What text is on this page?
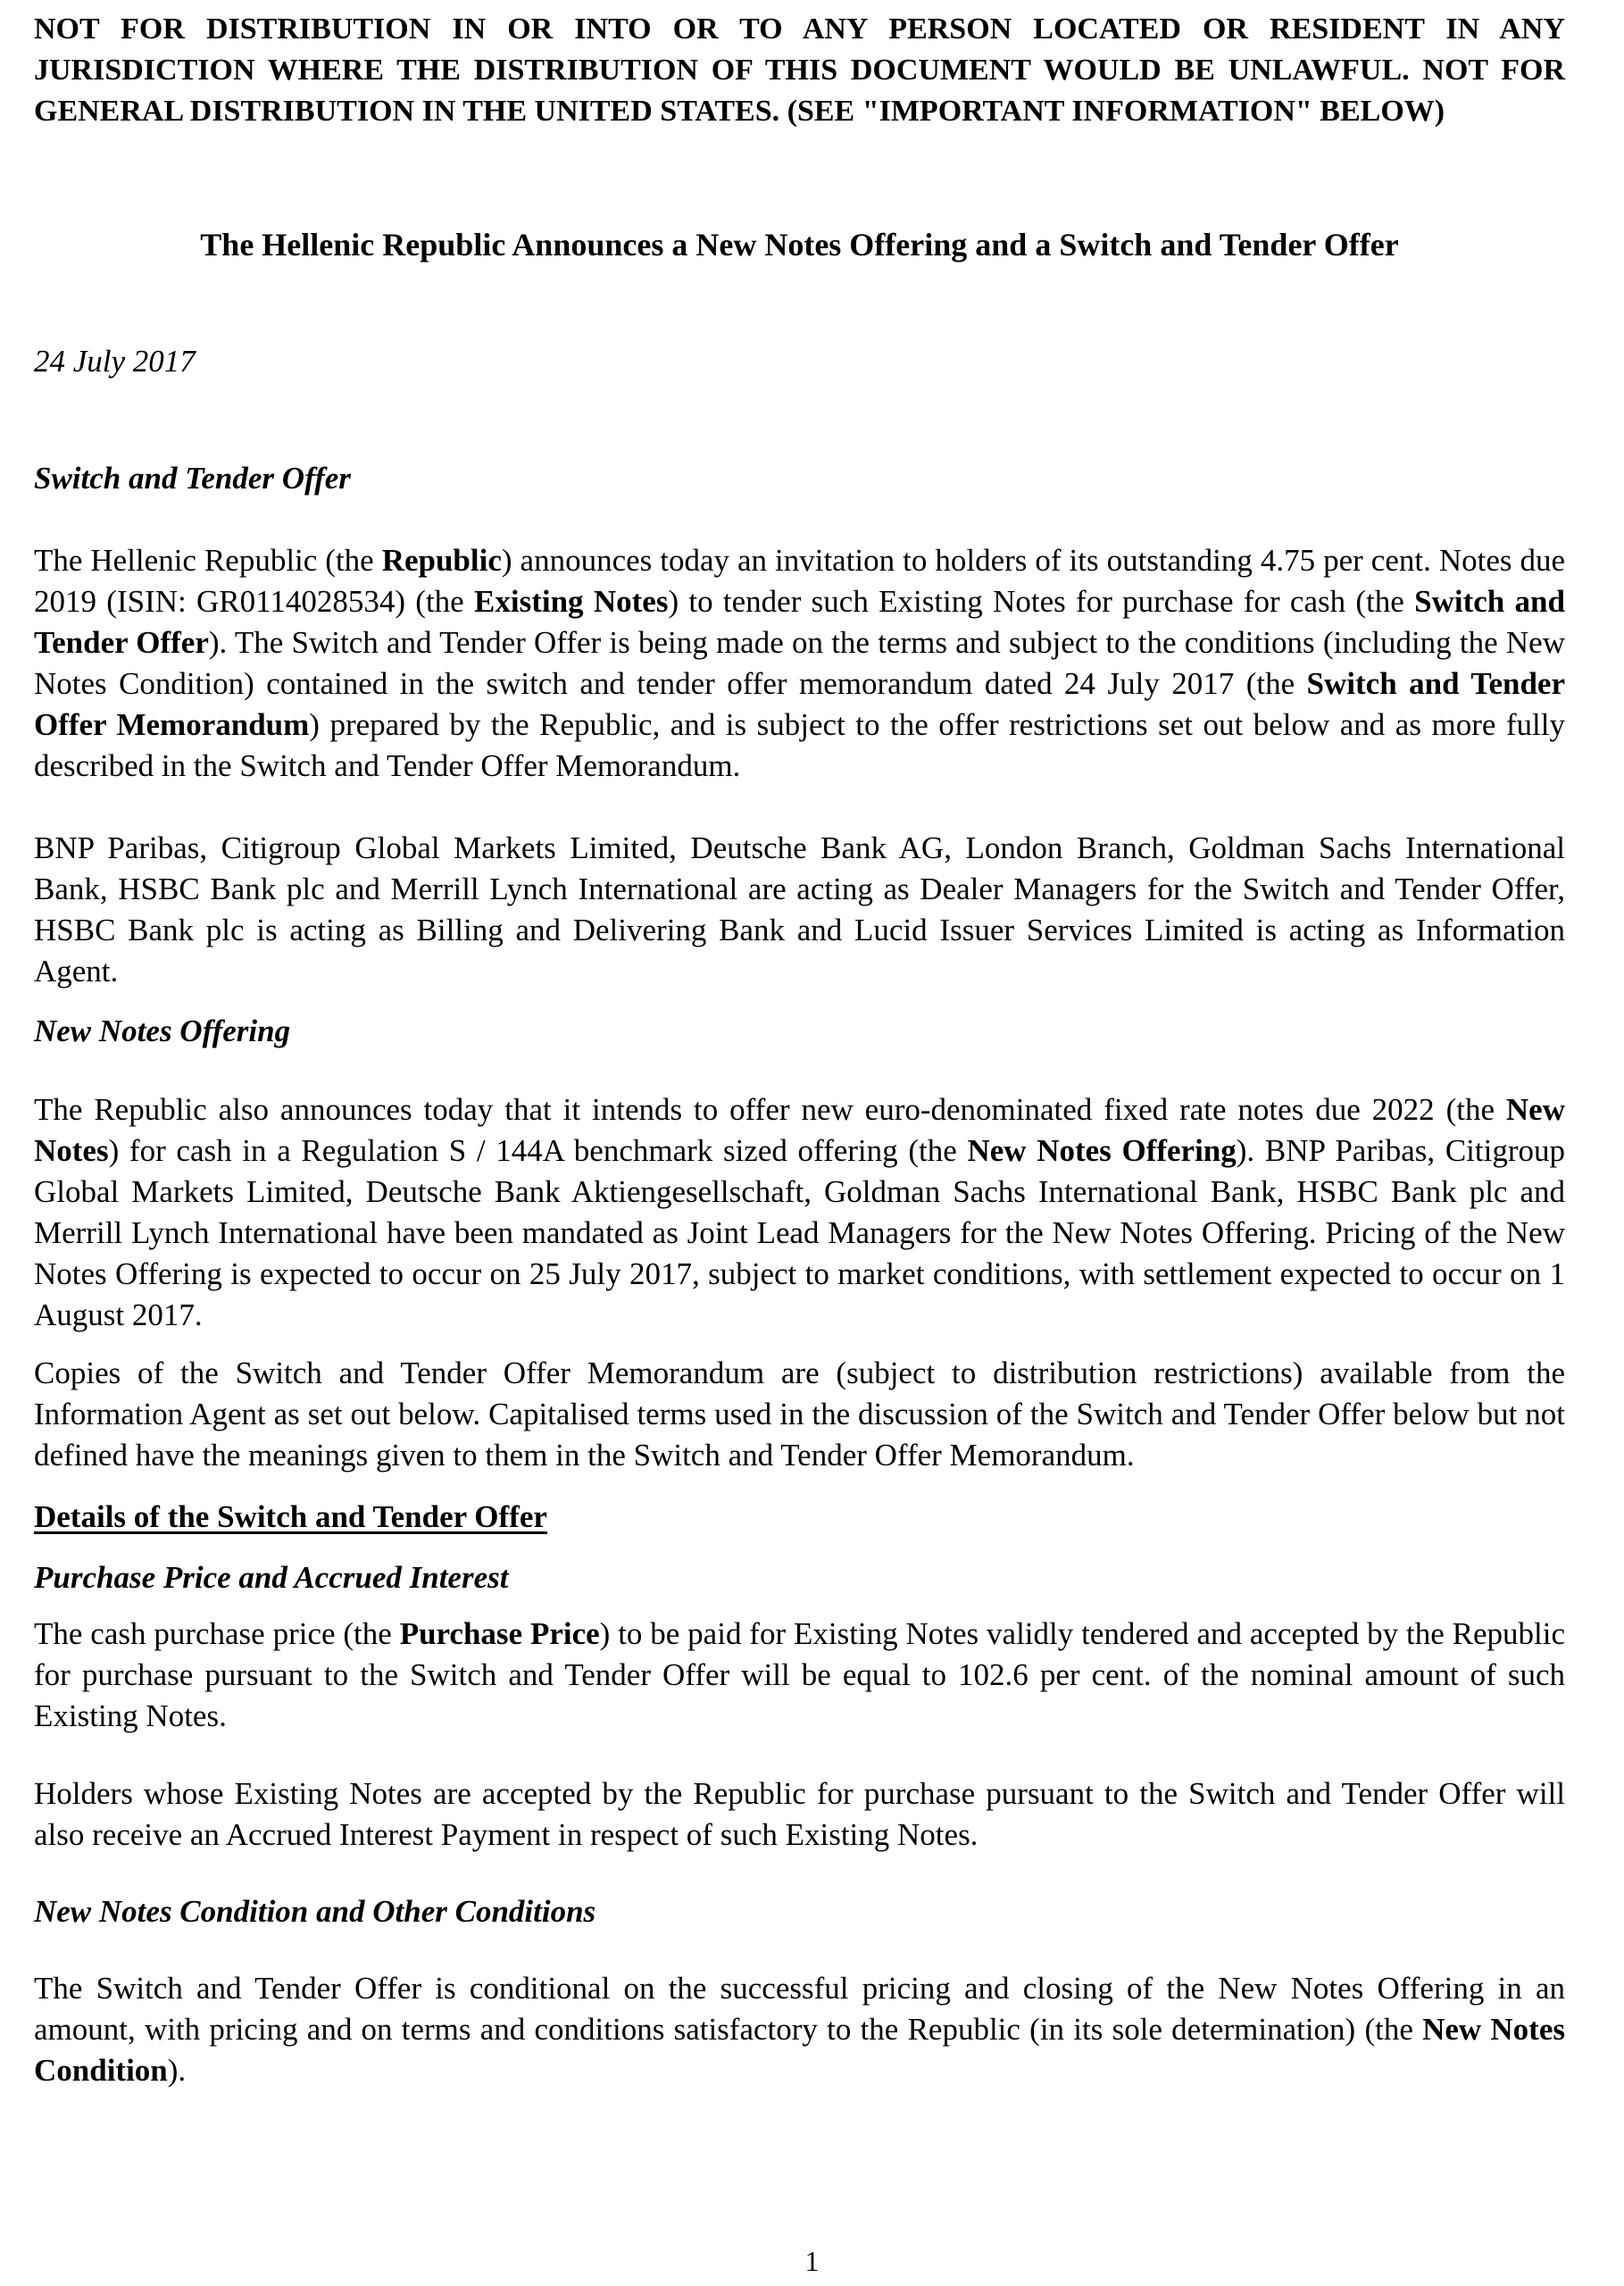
NOT FOR DISTRIBUTION IN OR INTO OR TO ANY PERSON LOCATED OR RESIDENT IN ANY JURISDICTION WHERE THE DISTRIBUTION OF THIS DOCUMENT WOULD BE UNLAWFUL. NOT FOR GENERAL DISTRIBUTION IN THE UNITED STATES. (SEE "IMPORTANT INFORMATION" BELOW)

The Hellenic Republic Announces a New Notes Offering and a Switch and Tender Offer

24 July 2017

Switch and Tender Offer

The Hellenic Republic (the Republic) announces today an invitation to holders of its outstanding 4.75 per cent. Notes due 2019 (ISIN: GR0114028534) (the Existing Notes) to tender such Existing Notes for purchase for cash (the Switch and Tender Offer). The Switch and Tender Offer is being made on the terms and subject to the conditions (including the New Notes Condition) contained in the switch and tender offer memorandum dated 24 July 2017 (the Switch and Tender Offer Memorandum) prepared by the Republic, and is subject to the offer restrictions set out below and as more fully described in the Switch and Tender Offer Memorandum.

BNP Paribas, Citigroup Global Markets Limited, Deutsche Bank AG, London Branch, Goldman Sachs International Bank, HSBC Bank plc and Merrill Lynch International are acting as Dealer Managers for the Switch and Tender Offer, HSBC Bank plc is acting as Billing and Delivering Bank and Lucid Issuer Services Limited is acting as Information Agent.

New Notes Offering

The Republic also announces today that it intends to offer new euro-denominated fixed rate notes due 2022 (the New Notes) for cash in a Regulation S / 144A benchmark sized offering (the New Notes Offering). BNP Paribas, Citigroup Global Markets Limited, Deutsche Bank Aktiengesellschaft, Goldman Sachs International Bank, HSBC Bank plc and Merrill Lynch International have been mandated as Joint Lead Managers for the New Notes Offering. Pricing of the New Notes Offering is expected to occur on 25 July 2017, subject to market conditions, with settlement expected to occur on 1 August 2017.

Copies of the Switch and Tender Offer Memorandum are (subject to distribution restrictions) available from the Information Agent as set out below. Capitalised terms used in the discussion of the Switch and Tender Offer below but not defined have the meanings given to them in the Switch and Tender Offer Memorandum.

Details of the Switch and Tender Offer

Purchase Price and Accrued Interest

The cash purchase price (the Purchase Price) to be paid for Existing Notes validly tendered and accepted by the Republic for purchase pursuant to the Switch and Tender Offer will be equal to 102.6 per cent. of the nominal amount of such Existing Notes.

Holders whose Existing Notes are accepted by the Republic for purchase pursuant to the Switch and Tender Offer will also receive an Accrued Interest Payment in respect of such Existing Notes.

New Notes Condition and Other Conditions

The Switch and Tender Offer is conditional on the successful pricing and closing of the New Notes Offering in an amount, with pricing and on terms and conditions satisfactory to the Republic (in its sole determination) (the New Notes Condition).

1
